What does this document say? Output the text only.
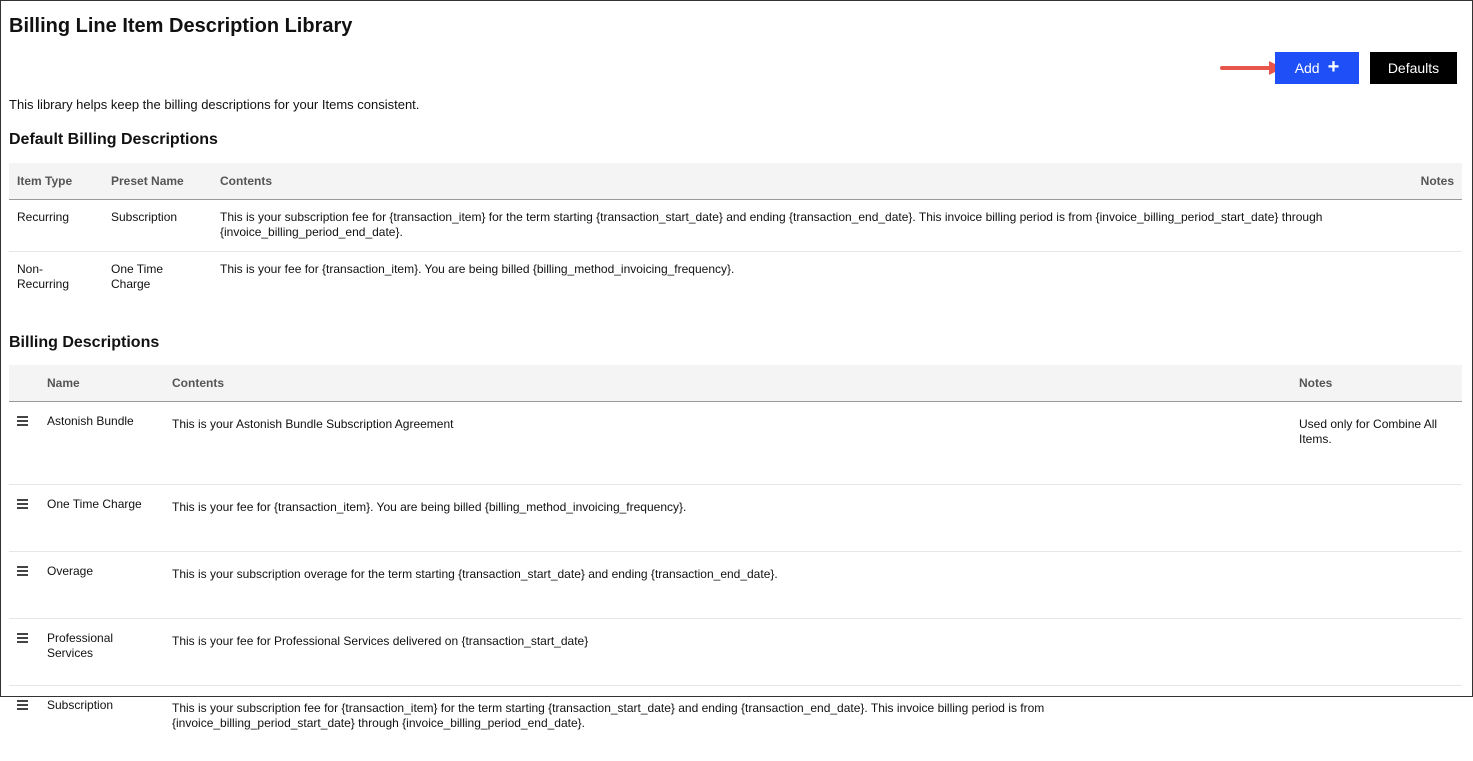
Billing Line Item Description Library
Add +	Defaults

This library helps keep the billing descriptions for your Items consistent.

Default Billing Descriptions
Item Type	Preset Name	Contents	Notes
Recurring	Subscription	This is your subscription fee for {transaction_item} for the term starting {transaction_start_date} and ending {transaction_end_date}. This invoice billing period is from {invoice_billing_period_start_date} through {invoice_billing_period_end_date}.	
Non-Recurring	One Time Charge	This is your fee for {transaction_item}. You are being billed {billing_method_invoicing_frequency}.	
Billing Descriptions
	Name	Contents	Notes

	Astonish Bundle	This is your Astonish Bundle Subscription Agreement	Used only for Combine All Items.

	One Time Charge	This is your fee for {transaction_item}. You are being billed {billing_method_invoicing_frequency}.	

	Overage	This is your subscription overage for the term starting {transaction_start_date} and ending {transaction_end_date}.	

	Professional Services	This is your fee for Professional Services delivered on {transaction_start_date}	

	Subscription	This is your subscription fee for {transaction_item} for the term starting {transaction_start_date} and ending {transaction_end_date}. This invoice billing period is from {invoice_billing_period_start_date} through {invoice_billing_period_end_date}.	
